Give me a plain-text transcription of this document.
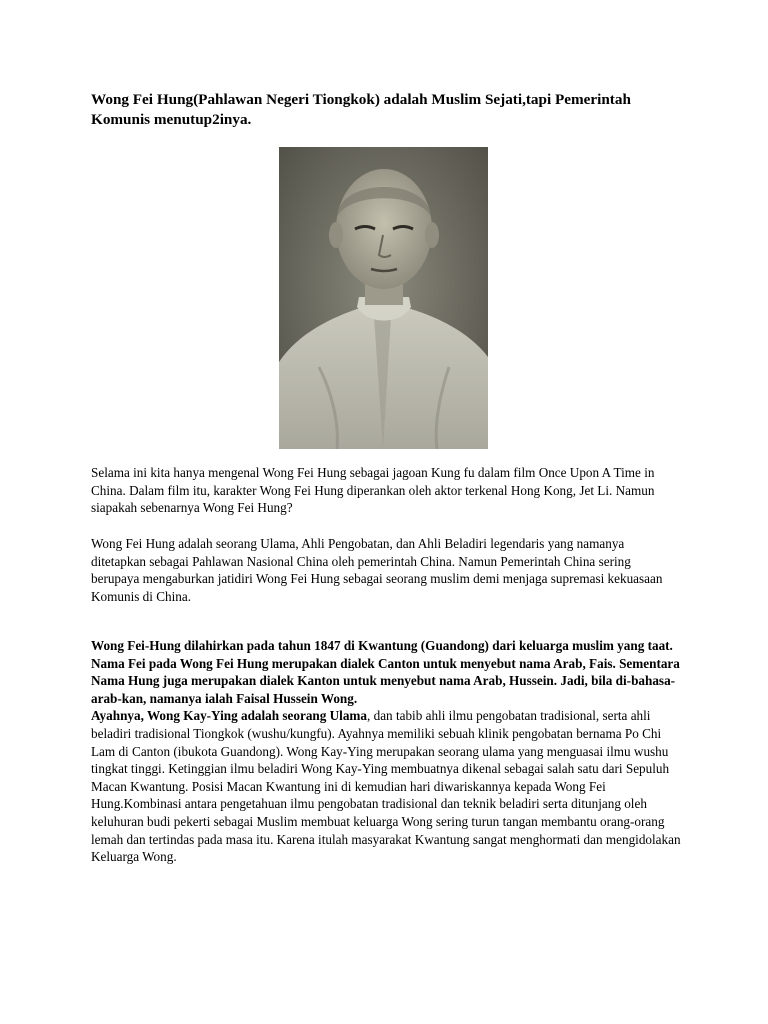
Wong Fei Hung(Pahlawan Negeri Tiongkok) adalah Muslim Sejati,tapi Pemerintah Komunis menutup2inya.

Selama ini kita hanya mengenal Wong Fei Hung sebagai jagoan Kung fu dalam film Once Upon A Time in China. Dalam film itu, karakter Wong Fei Hung diperankan oleh aktor terkenal Hong Kong, Jet Li. Namun siapakah sebenarnya Wong Fei Hung?

Wong Fei Hung adalah seorang Ulama, Ahli Pengobatan, dan Ahli Beladiri legendaris yang namanya ditetapkan sebagai Pahlawan Nasional China oleh pemerintah China. Namun Pemerintah China sering berupaya mengaburkan jatidiri Wong Fei Hung sebagai seorang muslim demi menjaga supremasi kekuasaan Komunis di China.

Wong Fei-Hung dilahirkan pada tahun 1847 di Kwantung (Guandong) dari keluarga muslim yang taat. Nama Fei pada Wong Fei Hung merupakan dialek Canton untuk menyebut nama Arab, Fais. Sementara Nama Hung juga merupakan dialek Kanton untuk menyebut nama Arab, Hussein. Jadi, bila di-bahasa-arab-kan, namanya ialah Faisal Hussein Wong.
Ayahnya, Wong Kay-Ying adalah seorang Ulama, dan tabib ahli ilmu pengobatan tradisional, serta ahli beladiri tradisional Tiongkok (wushu/kungfu). Ayahnya memiliki sebuah klinik pengobatan bernama Po Chi Lam di Canton (ibukota Guandong). Wong Kay-Ying merupakan seorang ulama yang menguasai ilmu wushu tingkat tinggi. Ketinggian ilmu beladiri Wong Kay-Ying membuatnya dikenal sebagai salah satu dari Sepuluh Macan Kwantung. Posisi Macan Kwantung ini di kemudian hari diwariskannya kepada Wong Fei Hung.Kombinasi antara pengetahuan ilmu pengobatan tradisional dan teknik beladiri serta ditunjang oleh keluhuran budi pekerti sebagai Muslim membuat keluarga Wong sering turun tangan membantu orang-orang lemah dan tertindas pada masa itu. Karena itulah masyarakat Kwantung sangat menghormati dan mengidolakan Keluarga Wong.
